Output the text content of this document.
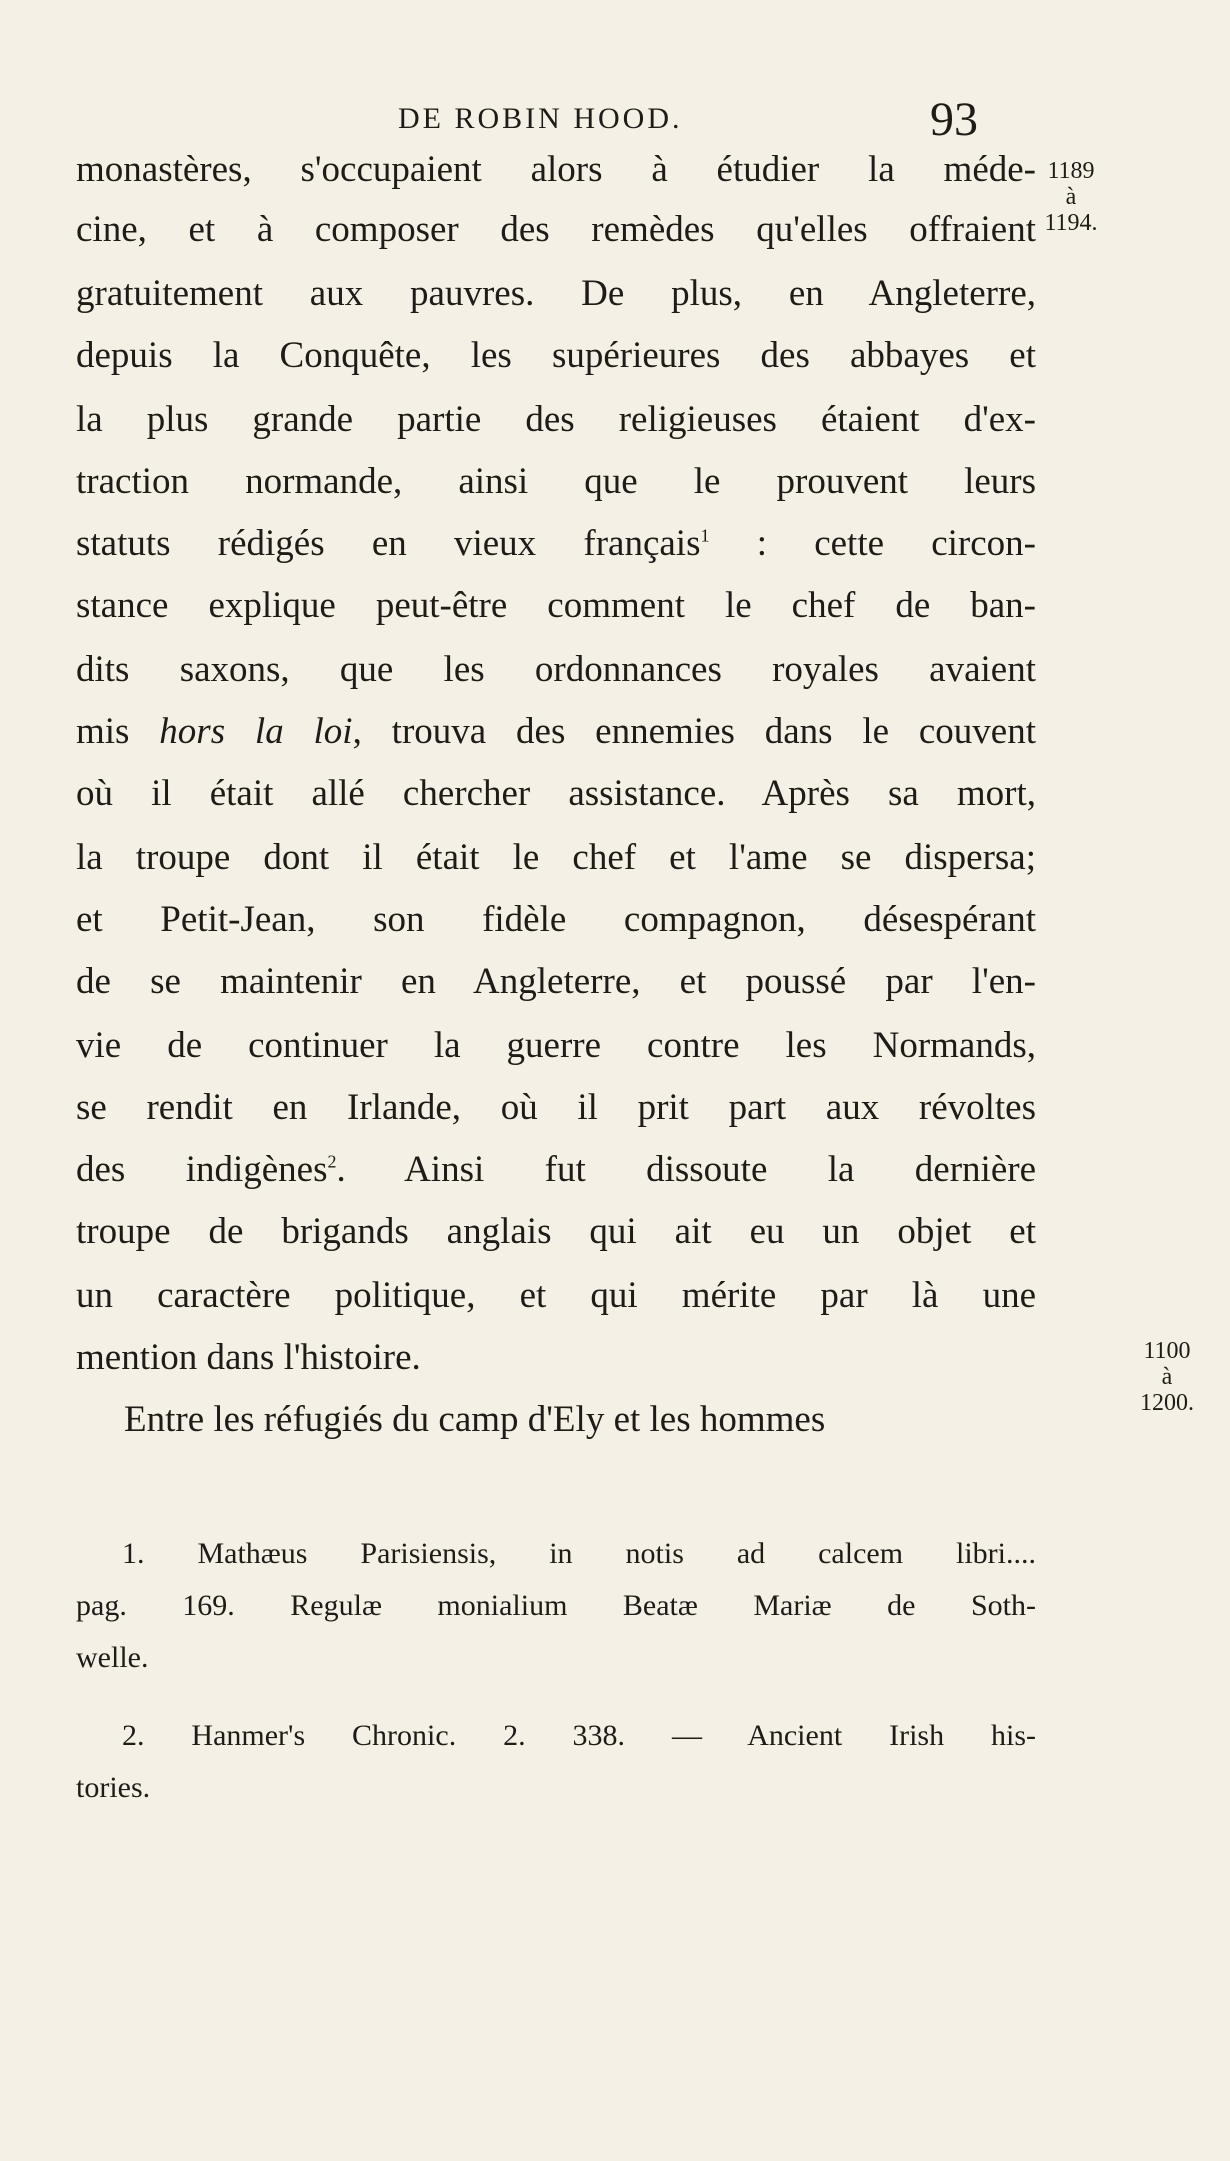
DE ROBIN HOOD.	93
1189
à
1194.
1100
à
1200.
monastères, s'occupaient alors à étudier la méde-
cine, et à composer des remèdes qu'elles offraient
gratuitement aux pauvres. De plus, en Angleterre,
depuis la Conquête, les supérieures des abbayes et
la plus grande partie des religieuses étaient d'ex-
traction normande, ainsi que le prouvent leurs
statuts rédigés en vieux français$^1$ : cette circon-
stance explique peut-être comment le chef de ban-
dits saxons, que les ordonnances royales avaient
mis hors la loi, trouva des ennemies dans le couvent
où il était allé chercher assistance. Après sa mort,
la troupe dont il était le chef et l'ame se dispersa;
et Petit-Jean, son fidèle compagnon, désespérant
de se maintenir en Angleterre, et poussé par l'en-
vie de continuer la guerre contre les Normands,
se rendit en Irlande, où il prit part aux révoltes
des indigènes$^2$. Ainsi fut dissoute la dernière
troupe de brigands anglais qui ait eu un objet et
un caractère politique, et qui mérite par là une
mention dans l'histoire.
Entre les réfugiés du camp d'Ely et les hommes
1. Mathæus Parisiensis, in notis ad calcem libri....
pag. 169. Regulæ monialium Beatæ Mariæ de Soth-
welle.
2. Hanmer's Chronic. 2. 338. — Ancient Irish his-
tories.
